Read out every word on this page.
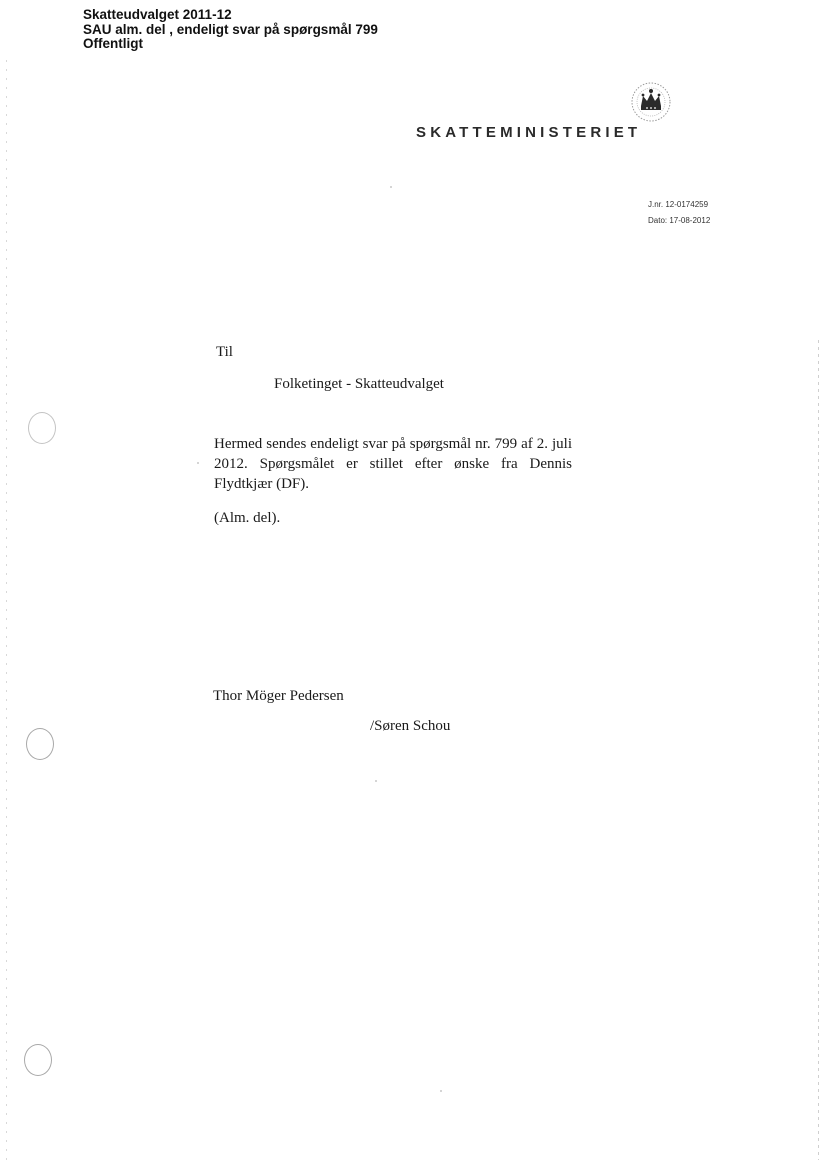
Skatteudvalget 2011-12
SAU alm. del , endeligt svar på spørgsmål 799
Offentligt
SKATTEMINISTERIET
J.nr. 12-0174259
Dato: 17-08-2012
Til
Folketinget - Skatteudvalget
Hermed sendes endeligt svar på spørgsmål nr. 799 af 2. juli 2012. Spørgsmålet er stillet efter ønske fra Dennis Flydtkjær (DF).
(Alm. del).
Thor Möger Pedersen
/Søren Schou
